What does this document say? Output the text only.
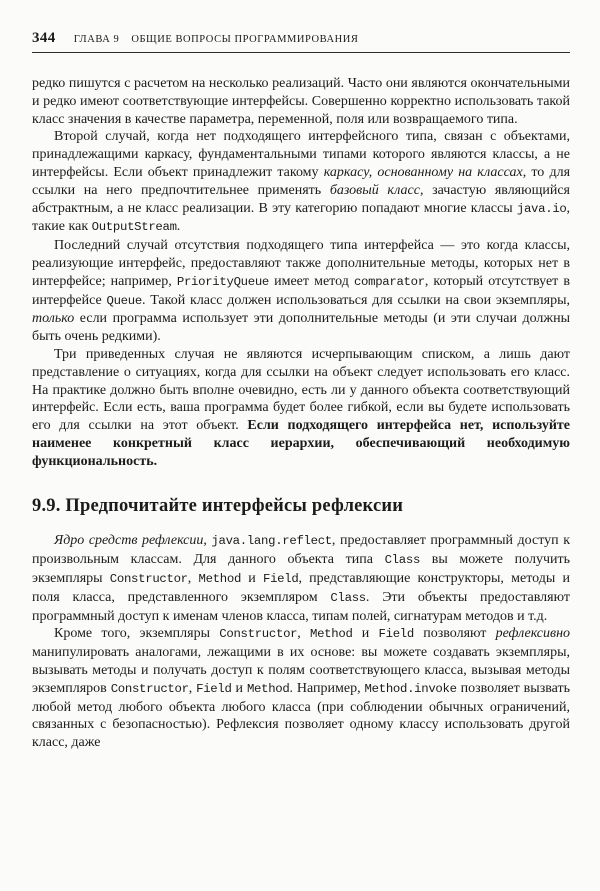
344 ГЛАВА 9 ОБЩИЕ ВОПРОСЫ ПРОГРАММИРОВАНИЯ

редко пишутся с расчетом на несколько реализаций. Часто они являются окончательными и редко имеют соответствующие интерфейсы. Совершенно корректно использовать такой класс значения в качестве параметра, переменной, поля или возвращаемого типа.

Второй случай, когда нет подходящего интерфейсного типа, связан с объектами, принадлежащими каркасу, фундаментальными типами которого являются классы, а не интерфейсы. Если объект принадлежит такому каркасу, основанному на классах, то для ссылки на него предпочтительнее применять базовый класс, зачастую являющийся абстрактным, а не класс реализации. В эту категорию попадают многие классы java.io, такие как OutputStream.

Последний случай отсутствия подходящего типа интерфейса — это когда классы, реализующие интерфейс, предоставляют также дополнительные методы, которых нет в интерфейсе; например, PriorityQueue имеет метод comparator, который отсутствует в интерфейсе Queue. Такой класс должен использоваться для ссылки на свои экземпляры, только если программа использует эти дополнительные методы (и эти случаи должны быть очень редкими).

Три приведенных случая не являются исчерпывающим списком, а лишь дают представление о ситуациях, когда для ссылки на объект следует использовать его класс. На практике должно быть вполне очевидно, есть ли у данного объекта соответствующий интерфейс. Если есть, ваша программа будет более гибкой, если вы будете использовать его для ссылки на этот объект. Если подходящего интерфейса нет, используйте наименее конкретный класс иерархии, обеспечивающий необходимую функциональность.

9.9. Предпочитайте интерфейсы рефлексии

Ядро средств рефлексии, java.lang.reflect, предоставляет программный доступ к произвольным классам. Для данного объекта типа Class вы можете получить экземпляры Constructor, Method и Field, представляющие конструкторы, методы и поля класса, представленного экземпляром Class. Эти объекты предоставляют программный доступ к именам членов класса, типам полей, сигнатурам методов и т.д.

Кроме того, экземпляры Constructor, Method и Field позволяют рефлексивно манипулировать аналогами, лежащими в их основе: вы можете создавать экземпляры, вызывать методы и получать доступ к полям соответствующего класса, вызывая методы экземпляров Constructor, Field и Method. Например, Method.invoke позволяет вызвать любой метод любого объекта любого класса (при соблюдении обычных ограничений, связанных с безопасностью). Рефлексия позволяет одному классу использовать другой класс, даже
